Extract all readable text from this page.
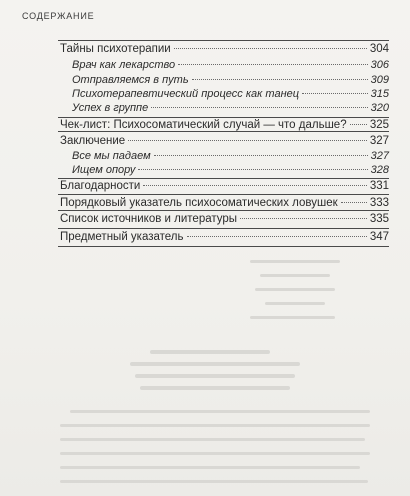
СОДЕРЖАНИЕ
Тайны психотерапии	304
Врач как лекарство	306
Отправляемся в путь	309
Психотерапевтический процесс как танец	315
Успех в группе	320
Чек-лист: Психосоматический случай — что дальше? 325
Заключение	327
Все мы падаем	327
Ищем опору	328
Благодарности	331
Порядковый указатель психосоматических ловушек	333
Список источников и литературы	335
Предметный указатель	347
